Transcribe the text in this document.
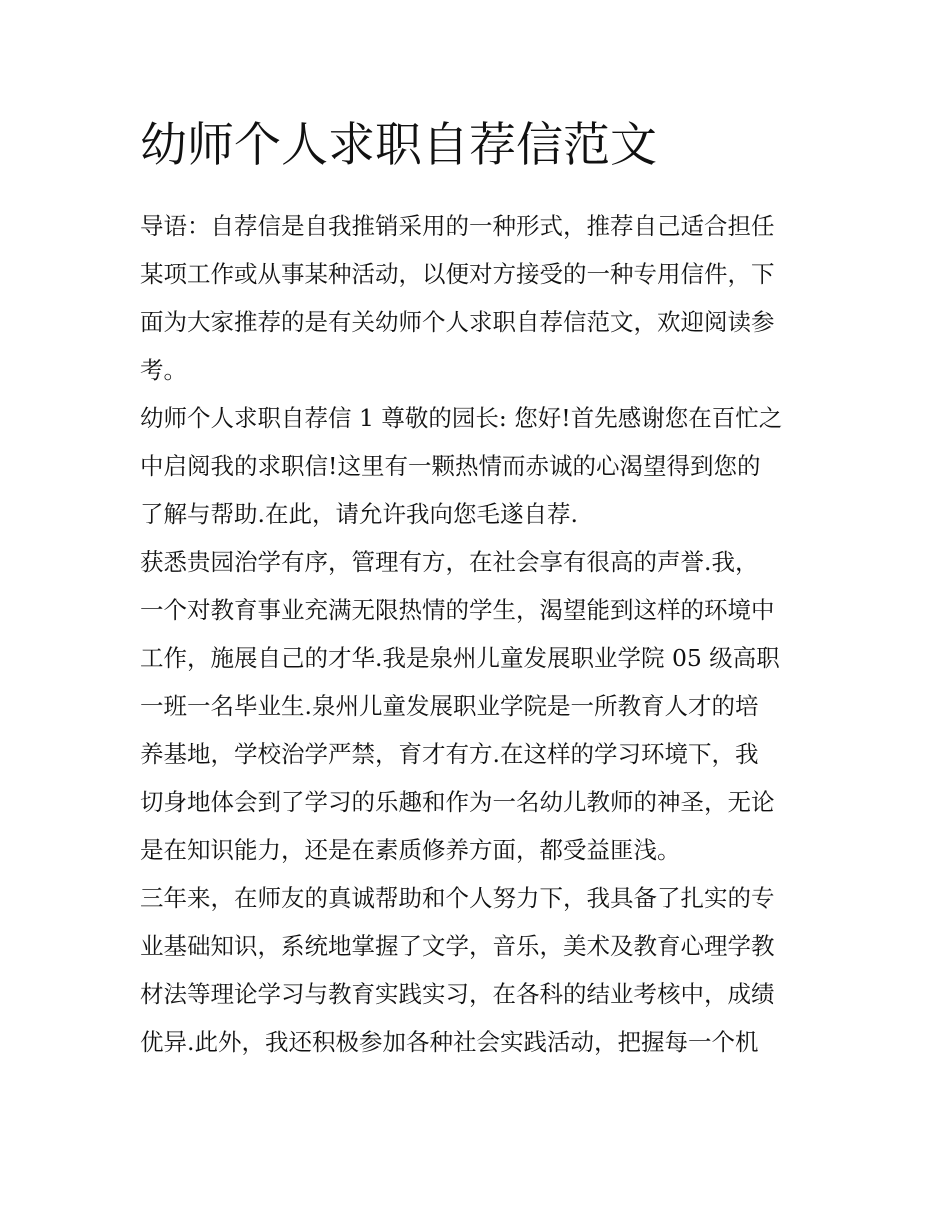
幼师个人求职自荐信范文
导语：自荐信是自我推销采用的一种形式，推荐自己适合担任
某项工作或从事某种活动，以便对方接受的一种专用信件，下
面为大家推荐的是有关幼师个人求职自荐信范文，欢迎阅读参
考。
幼师个人求职自荐信 1 尊敬的园长: 您好!首先感谢您在百忙之
中启阅我的求职信!这里有一颗热情而赤诚的心渴望得到您的
了解与帮助.在此，请允许我向您毛遂自荐.
获悉贵园治学有序，管理有方，在社会享有很高的声誉.我，
一个对教育事业充满无限热情的学生，渴望能到这样的环境中
工作，施展自己的才华.我是泉州儿童发展职业学院 05 级高职
一班一名毕业生.泉州儿童发展职业学院是一所教育人才的培
养基地，学校治学严禁，育才有方.在这样的学习环境下，我
切身地体会到了学习的乐趣和作为一名幼儿教师的神圣，无论
是在知识能力，还是在素质修养方面，都受益匪浅。
三年来，在师友的真诚帮助和个人努力下，我具备了扎实的专
业基础知识，系统地掌握了文学，音乐，美术及教育心理学教
材法等理论学习与教育实践实习，在各科的结业考核中，成绩
优异.此外，我还积极参加各种社会实践活动，把握每一个机
